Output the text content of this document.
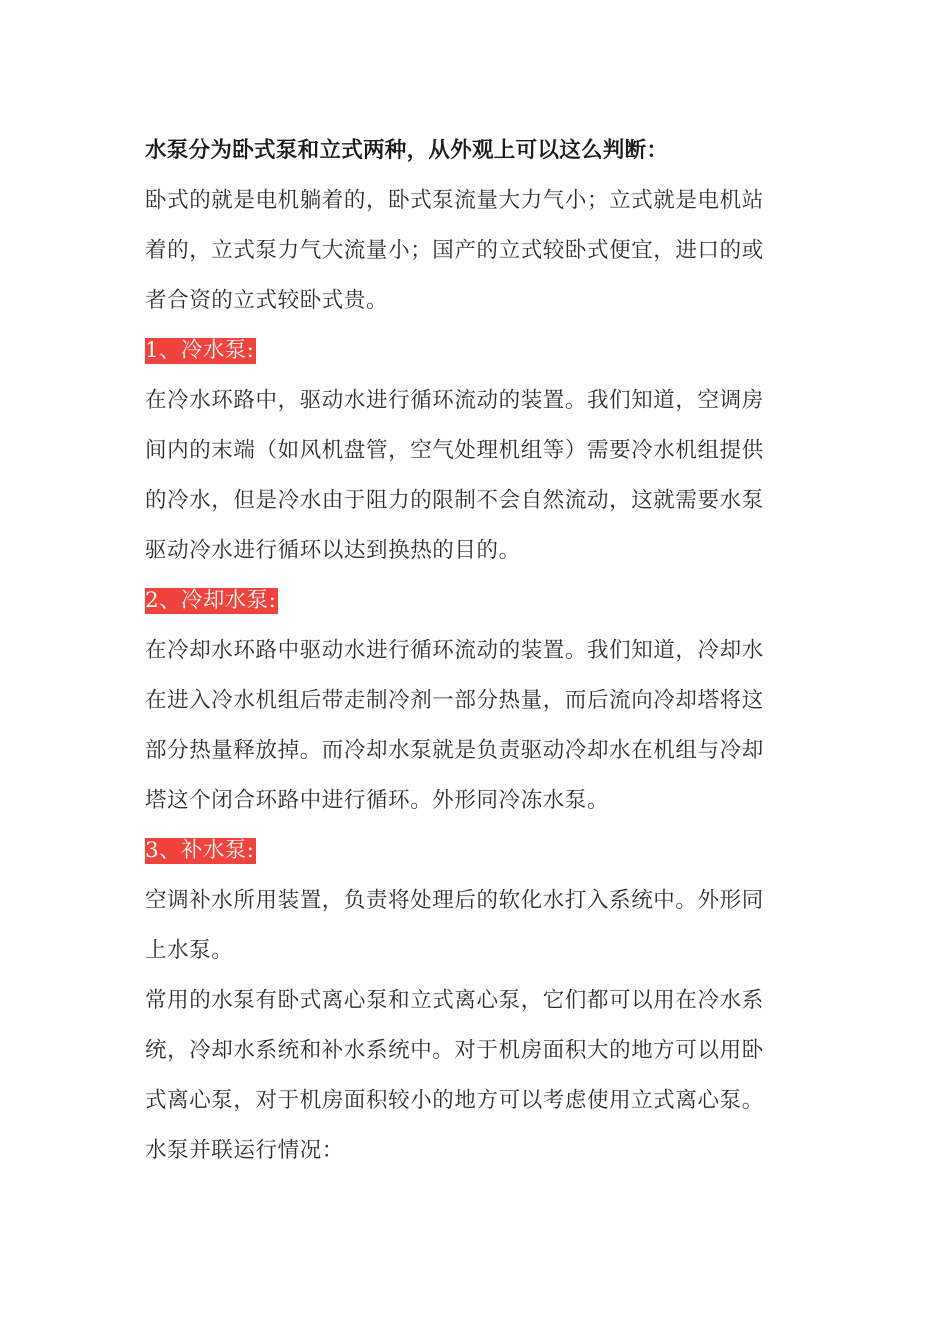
水泵分为卧式泵和立式两种，从外观上可以这么判断：
卧式的就是电机躺着的，卧式泵流量大力气小；立式就是电机站
着的，立式泵力气大流量小；国产的立式较卧式便宜，进口的或
者合资的立式较卧式贵。
1、冷水泵:
在冷水环路中，驱动水进行循环流动的装置。我们知道，空调房
间内的末端（如风机盘管，空气处理机组等）需要冷水机组提供
的冷水，但是冷水由于阻力的限制不会自然流动，这就需要水泵
驱动冷水进行循环以达到换热的目的。
2、冷却水泵:
在冷却水环路中驱动水进行循环流动的装置。我们知道，冷却水
在进入冷水机组后带走制冷剂一部分热量，而后流向冷却塔将这
部分热量释放掉。而冷却水泵就是负责驱动冷却水在机组与冷却
塔这个闭合环路中进行循环。外形同冷冻水泵。
3、补水泵:
空调补水所用装置，负责将处理后的软化水打入系统中。外形同
上水泵。
常用的水泵有卧式离心泵和立式离心泵，它们都可以用在冷水系
统，冷却水系统和补水系统中。对于机房面积大的地方可以用卧
式离心泵，对于机房面积较小的地方可以考虑使用立式离心泵。
水泵并联运行情况：
